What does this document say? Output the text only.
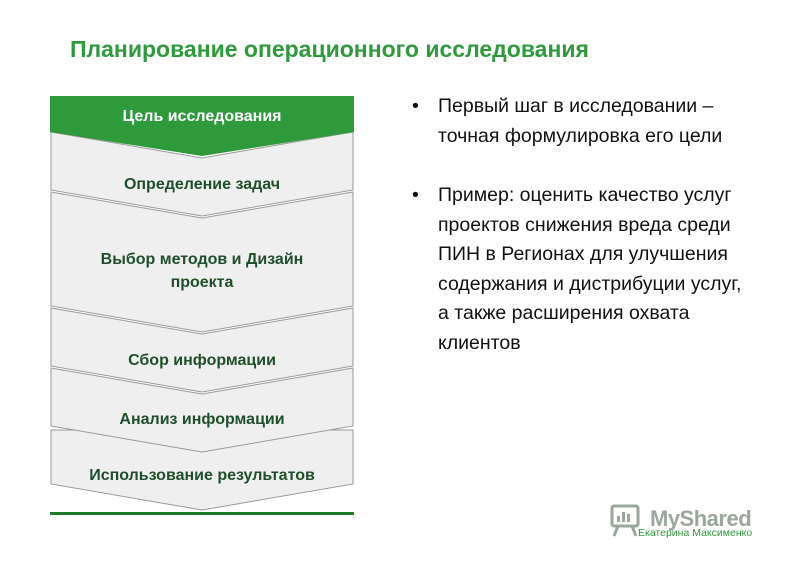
Планирование операционного исследования
Цель исследования
Определение задач
Выбор методов и Дизайн проекта
Сбор информации
Анализ информации
Использование результатов
• Первый шаг в исследовании – точная формулировка его цели
• Пример: оценить качество услуг проектов снижения вреда среди ПИН в Регионах для улучшения содержания и дистрибуции услуг, а также расширения охвата клиентов
MyShared
Екатерина Максименко
